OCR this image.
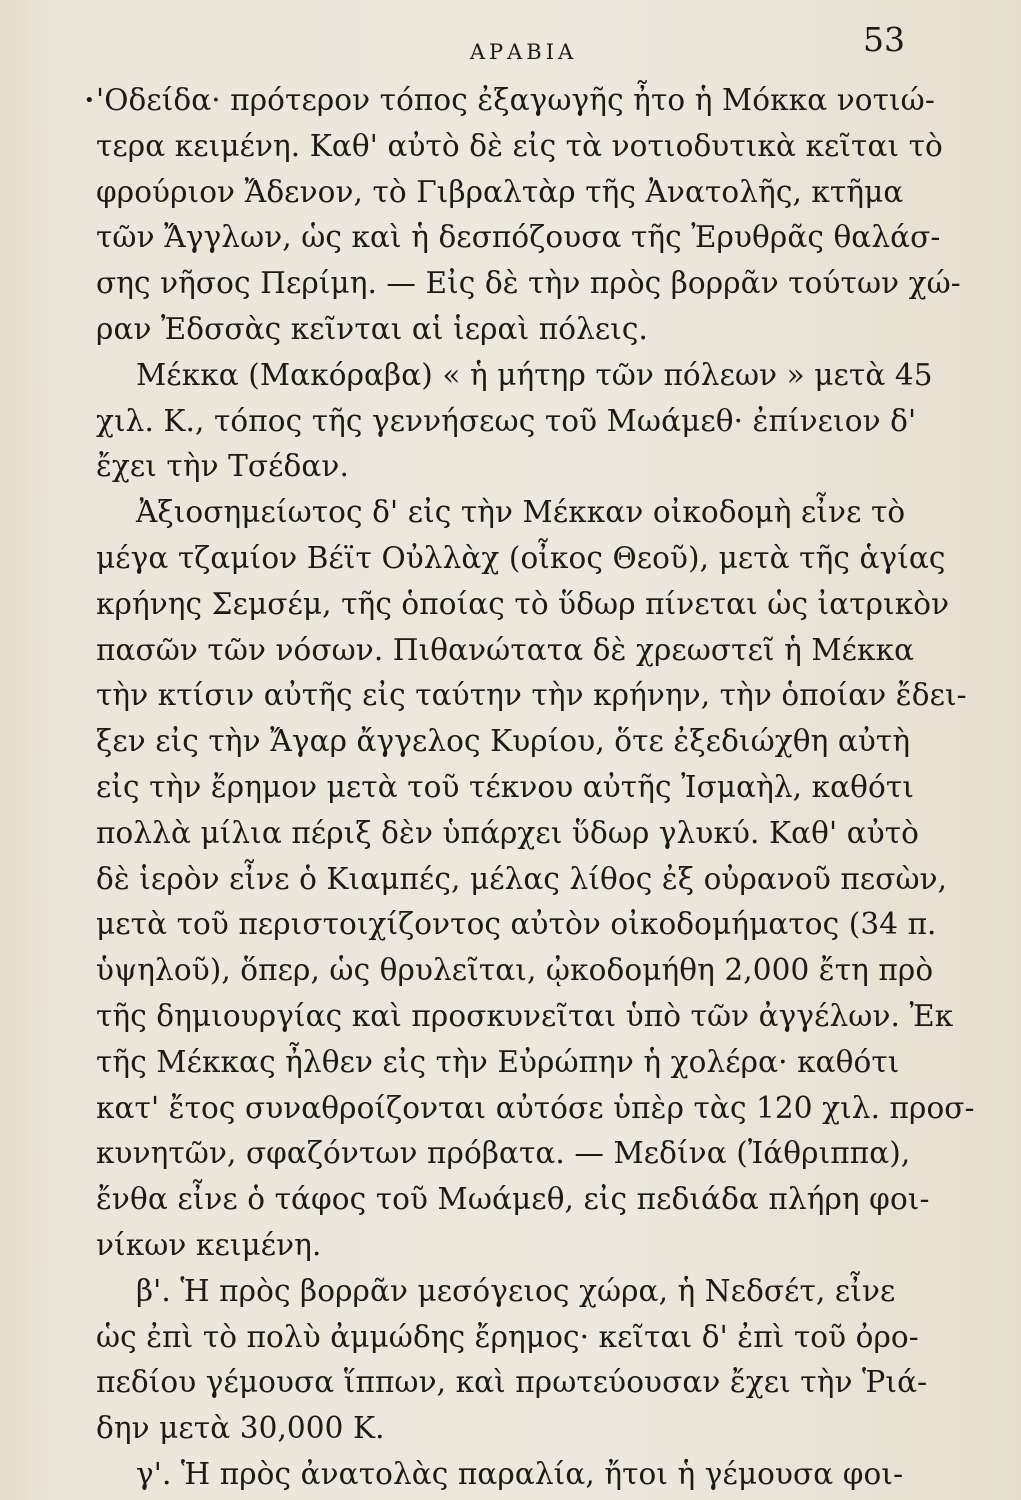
ΑΡΑΒΙΑ	53
• 'Οδείδα· πρότερον τόπος ἐξαγωγῆς ἦτο ἡ Μόκκα νοτιώ-
τερα κειμένη. Καθ' αὐτὸ δὲ εἰς τὰ νοτιοδυτικὰ κεῖται τὸ
φρούριον Ἄδενον, τὸ Γιβραλτὰρ τῆς Ἀνατολῆς, κτῆμα
τῶν Ἄγγλων, ὡς καὶ ἡ δεσπόζουσα τῆς Ἐρυθρᾶς θαλάσ-
σης νῆσος Περίμη. — Εἰς δὲ τὴν πρὸς βορρᾶν τούτων χώ-
ραν Ἐδσσὰς κεῖνται αἱ ἱεραὶ πόλεις.
Μέκκα (Μακόραβα) « ἡ μήτηρ τῶν πόλεων » μετὰ 45
χιλ. Κ., τόπος τῆς γεννήσεως τοῦ Μωάμεθ· ἐπίνειον δ'
ἔχει τὴν Τσέδαν.
Ἀξιοσημείωτος δ' εἰς τὴν Μέκκαν οἰκοδομὴ εἶνε τὸ
μέγα τζαμίον Βέϊτ Οὐλλὰχ (οἶκος Θεοῦ), μετὰ τῆς ἁγίας
κρήνης Σεμσέμ, τῆς ὁποίας τὸ ὕδωρ πίνεται ὡς ἰατρικὸν
πασῶν τῶν νόσων. Πιθανώτατα δὲ χρεωστεῖ ἡ Μέκκα
τὴν κτίσιν αὐτῆς εἰς ταύτην τὴν κρήνην, τὴν ὁποίαν ἔδει-
ξεν εἰς τὴν Ἄγαρ ἄγγελος Κυρίου, ὅτε ἐξεδιώχθη αὐτὴ
εἰς τὴν ἔρημον μετὰ τοῦ τέκνου αὐτῆς Ἰσμαὴλ, καθότι
πολλὰ μίλια πέριξ δὲν ὑπάρχει ὕδωρ γλυκύ. Καθ' αὐτὸ
δὲ ἱερὸν εἶνε ὁ Κιαμπές, μέλας λίθος ἐξ οὐρανοῦ πεσὼν,
μετὰ τοῦ περιστοιχίζοντος αὐτὸν οἰκοδομήματος (34 π.
ὑψηλοῦ), ὅπερ, ὡς θρυλεῖται, ᾠκοδομήθη 2,000 ἔτη πρὸ
τῆς δημιουργίας καὶ προσκυνεῖται ὑπὸ τῶν ἀγγέλων. Ἐκ
τῆς Μέκκας ἦλθεν εἰς τὴν Εὐρώπην ἡ χολέρα· καθότι
κατ' ἔτος συναθροίζονται αὐτόσε ὑπὲρ τὰς 120 χιλ. προσ-
κυνητῶν, σφαζόντων πρόβατα. — Μεδίνα (Ἰάθριππα),
ἔνθα εἶνε ὁ τάφος τοῦ Μωάμεθ, εἰς πεδιάδα πλήρη φοι-
νίκων κειμένη.
β'. Ἡ πρὸς βορρᾶν μεσόγειος χώρα, ἡ Νεδσέτ, εἶνε
ὡς ἐπὶ τὸ πολὺ ἀμμώδης ἔρημος· κεῖται δ' ἐπὶ τοῦ ὀρο-
πεδίου γέμουσα ἵππων, καὶ πρωτεύουσαν ἔχει τὴν Ῥιά-
δην μετὰ 30,000 Κ.
γ'. Ἡ πρὸς ἀνατολὰς παραλία, ἤτοι ἡ γέμουσα φοι-
